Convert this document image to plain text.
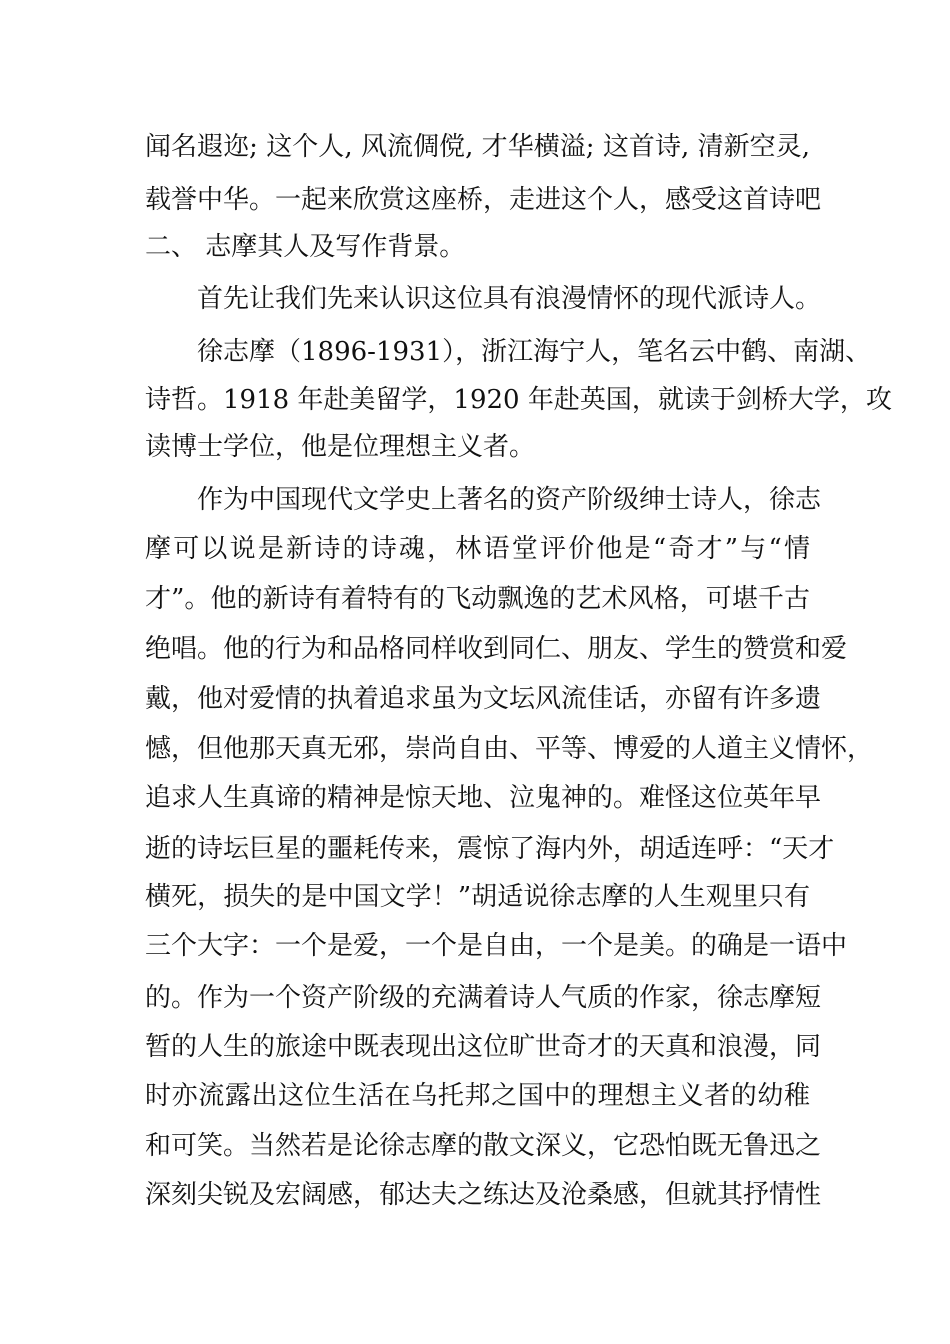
闻名遐迩; 这个人, 风流倜傥, 才华横溢; 这首诗, 清新空灵,
载誉中华。一起来欣赏这座桥，走进这个人，感受这首诗吧
二、 志摩其人及写作背景。
首先让我们先来认识这位具有浪漫情怀的现代派诗人。
徐志摩（1896-1931），浙江海宁人，笔名云中鹤、南湖、
诗哲。1918 年赴美留学，1920 年赴英国，就读于剑桥大学，攻
读博士学位，他是位理想主义者。
作为中国现代文学史上著名的资产阶级绅士诗人，徐志
摩可以说是新诗的诗魂，林语堂评价他是“奇才”与“情
才”。他的新诗有着特有的飞动飘逸的艺术风格，可堪千古
绝唱。他的行为和品格同样收到同仁、朋友、学生的赞赏和爱
戴，他对爱情的执着追求虽为文坛风流佳话，亦留有许多遗
憾，但他那天真无邪，崇尚自由、平等、博爱的人道主义情怀，
追求人生真谛的精神是惊天地、泣鬼神的。难怪这位英年早
逝的诗坛巨星的噩耗传来，震惊了海内外，胡适连呼：“天才
横死，损失的是中国文学！”胡适说徐志摩的人生观里只有
三个大字：一个是爱，一个是自由，一个是美。的确是一语中
的。作为一个资产阶级的充满着诗人气质的作家，徐志摩短
暂的人生的旅途中既表现出这位旷世奇才的天真和浪漫，同
时亦流露出这位生活在乌托邦之国中的理想主义者的幼稚
和可笑。当然若是论徐志摩的散文深义，它恐怕既无鲁迅之
深刻尖锐及宏阔感，郁达夫之练达及沧桑感，但就其抒情性
